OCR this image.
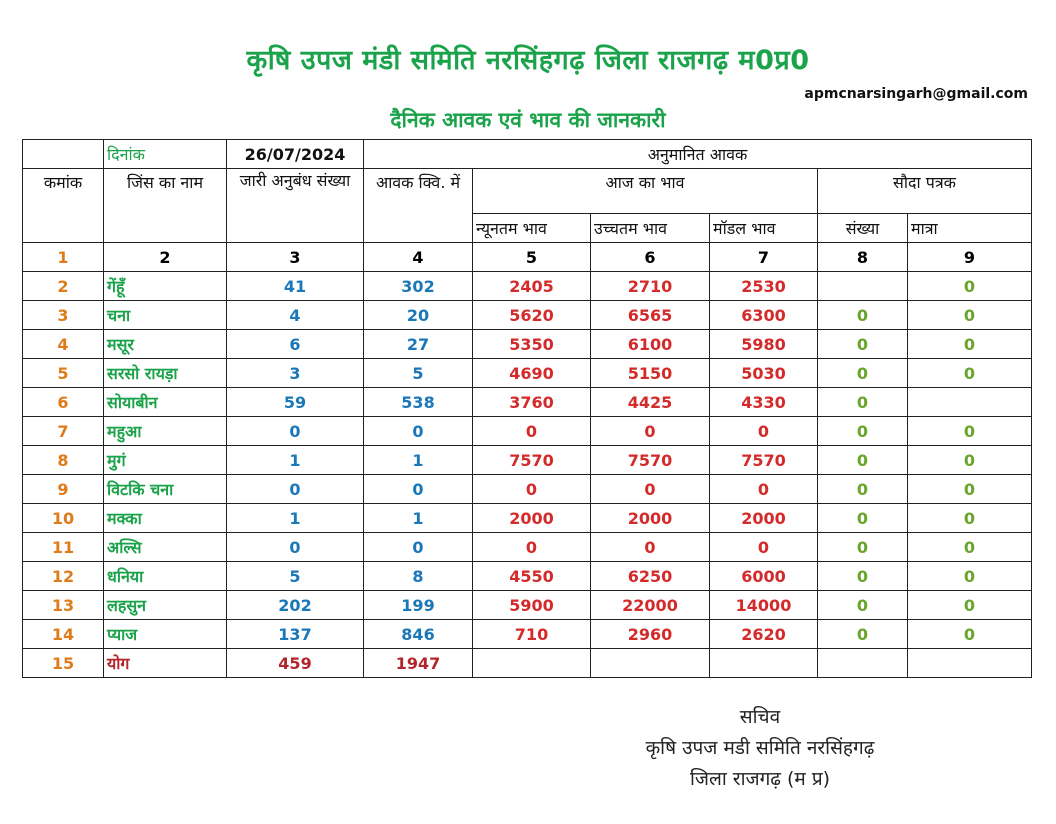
कृषि उपज मंडी समिति नरसिंहगढ़ जिला राजगढ़ म0प्र0
apmcnarsingarh@gmail.com
दैनिक आवक एवं भाव की जानकारी
	दिनांक	26/07/2024	अनुमानित आवक					
कमांक	जिंस का नाम	जारी अनुबंध संख्या	आवक क्वि. में	आज का भाव			सौदा पत्रक	
				न्यूनतम भाव	उच्चतम भाव	मॉडल भाव	संख्या	मात्रा
1	2	3	4	5	6	7	8	9
2	गेंहूँ	41	302	2405	2710	2530		0
3	चना	4	20	5620	6565	6300	0	0
4	मसूर	6	27	5350	6100	5980	0	0
5	सरसो रायड़ा	3	5	4690	5150	5030	0	0
6	सोयाबीन	59	538	3760	4425	4330	0	
7	महुआ	0	0	0	0	0	0	0
8	मुगं	1	1	7570	7570	7570	0	0
9	विटकि चना	0	0	0	0	0	0	0
10	मक्का	1	1	2000	2000	2000	0	0
11	अल्सि	0	0	0	0	0	0	0
12	धनिया	5	8	4550	6250	6000	0	0
13	लहसुन	202	199	5900	22000	14000	0	0
14	प्याज	137	846	710	2960	2620	0	0
15	योग	459	1947					
सचिव
कृषि उपज मडी समिति नरसिंहगढ़
जिला राजगढ़ (म प्र)
